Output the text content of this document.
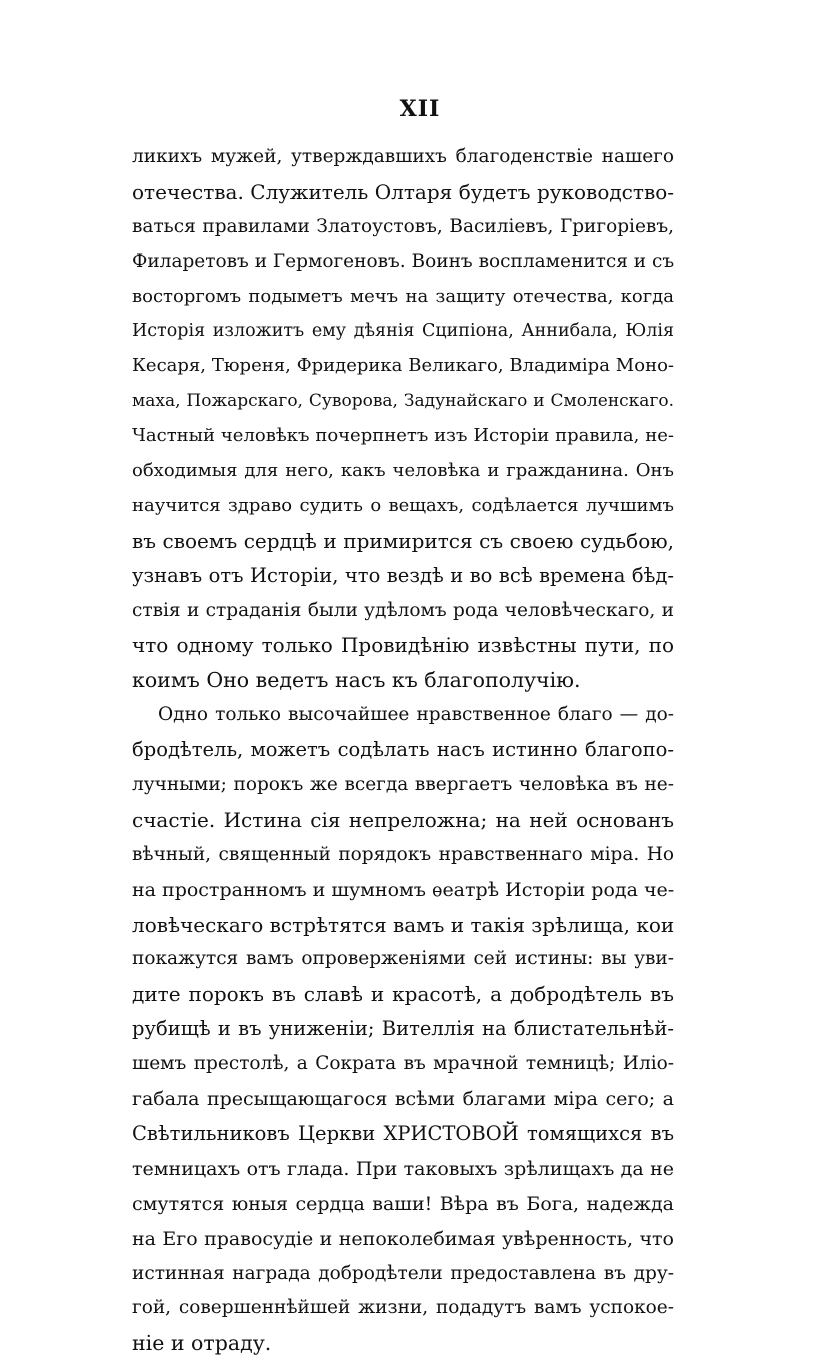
XII
ликихъ мужей, утверждавшихъ благоденствіе нашего
отечества. Служитель Олтаря будетъ руководство-
ваться правилами Златоустовъ, Василіевъ, Григоріевъ,
Филаретовъ и Гермогеновъ. Воинъ воспламенится и съ
восторгомъ подыметъ мечъ на защиту отечества, когда
Исторія изложитъ ему дѣянія Сципіона, Аннибала, Юлія
Кесаря, Тюреня, Фридерика Великаго, Владиміра Моно-
маха, Пожарскаго, Суворова, Задунайскаго и Смоленскаго.
Частный человѣкъ почерпнетъ изъ Исторіи правила, не-
обходимыя для него, какъ человѣка и гражданина. Онъ
научится здраво судить о вещахъ, содѣлается лучшимъ
въ своемъ сердцѣ и примирится съ своею судьбою,
узнавъ отъ Исторіи, что вездѣ и во всѣ времена бѣд-
ствія и страданія были удѣломъ рода человѣческаго, и
что одному только Провидѣнію извѣстны пути, по
коимъ Оно ведетъ насъ къ благополучію.
Одно только высочайшее нравственное благо — до-
бродѣтель, можетъ содѣлать насъ истинно благопо-
лучными; порокъ же всегда ввергаетъ человѣка въ не-
счастіе. Истина сія непреложна; на ней основанъ
вѣчный, священный порядокъ нравственнаго міра. Но
на пространномъ и шумномъ ѳеатрѣ Исторіи рода че-
ловѣческаго встрѣтятся вамъ и такія зрѣлища, кои
покажутся вамъ опроверженіями сей истины: вы уви-
дите порокъ въ славѣ и красотѣ, а добродѣтель въ
рубищѣ и въ униженіи; Вителлія на блистательнѣй-
шемъ престолѣ, а Сократа въ мрачной темницѣ; Иліо-
габала пресыщающагося всѣми благами міра сего; а
Свѣтильниковъ Церкви ХРИСТОВОЙ томящихся въ
темницахъ отъ глада. При таковыхъ зрѣлищахъ да не
смутятся юныя сердца ваши! Вѣра въ Бога, надежда
на Его правосудіе и непоколебимая увѣренность, что
истинная награда добродѣтели предоставлена въ дру-
гой, совершеннѣйшей жизни, подадутъ вамъ успокое-
ніе и отраду.
